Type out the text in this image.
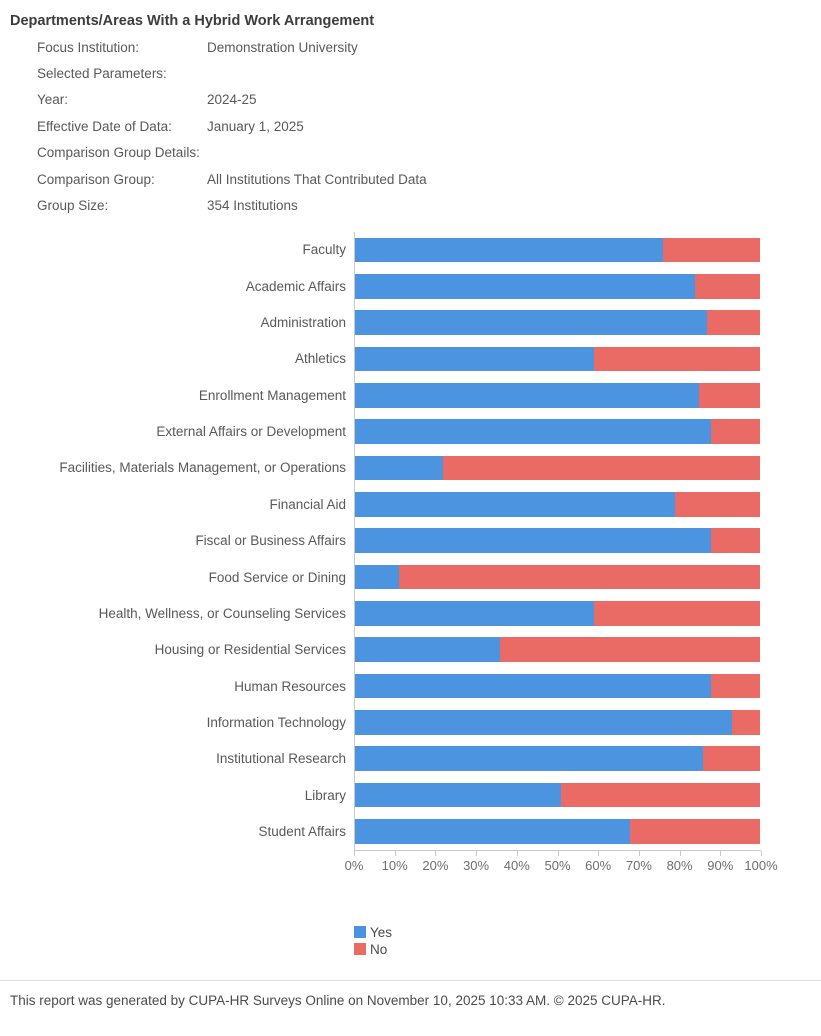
Departments/Areas With a Hybrid Work Arrangement
Focus Institution:	Demonstration University
Selected Parameters:
Year:	2024-25
Effective Date of Data:	January 1, 2025
Comparison Group Details:
Comparison Group:	All Institutions That Contributed Data
Group Size:	354 Institutions
Faculty
Academic Affairs
Administration
Athletics
Enrollment Management
External Affairs or Development
Facilities, Materials Management, or Operations
Financial Aid
Fiscal or Business Affairs
Food Service or Dining
Health, Wellness, or Counseling Services
Housing or Residential Services
Human Resources
Information Technology
Institutional Research
Library
Student Affairs
0% 10% 20% 30% 40% 50% 60% 70% 80% 90% 100%
Yes
No
This report was generated by CUPA-HR Surveys Online on November 10, 2025 10:33 AM. © 2025 CUPA-HR.
